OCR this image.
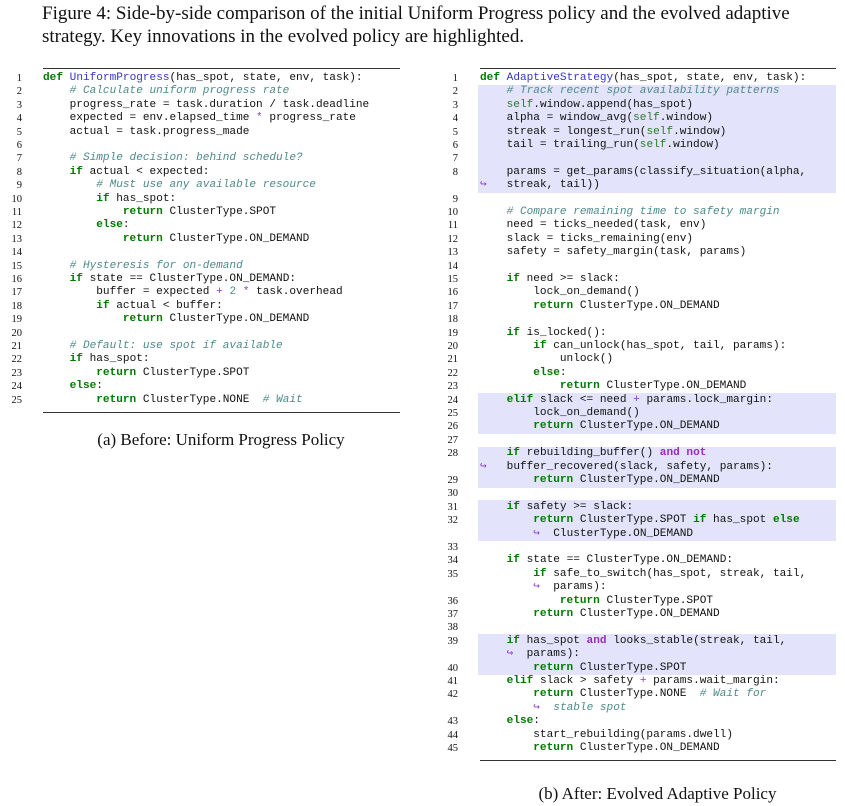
Figure 4: Side-by-side comparison of the initial Uniform Progress policy and the evolved adaptive strategy. Key innovations in the evolved policy are highlighted.
1 def UniformProgress(has_spot, state, env, task):
2	# Calculate uniform progress rate
3 progress_rate = task.duration / task.deadline
4 expected = env.elapsed_time * progress_rate
5 actual = task.progress_made
6
7	# Simple decision: behind schedule?
8	if actual < expected:
9	# Must use any available resource
10	if has_spot:
11	return ClusterType.SPOT
12	else:
13	return ClusterType.ON_DEMAND
14
15	# Hysteresis for on-demand
16	if state == ClusterType.ON_DEMAND:
17 buffer = expected + 2 * task.overhead
18	if actual < buffer:
19	return ClusterType.ON_DEMAND
20
21	# Default: use spot if available
22	if has_spot:
23	return ClusterType.SPOT
24	else:
25	return ClusterType.NONE  # Wait
(a) Before: Uniform Progress Policy
1 def AdaptiveStrategy(has_spot, state, env, task):
2	# Track recent spot availability patterns
3	self.window.append(has_spot)
4 alpha = window_avg(self.window)
5 streak = longest_run(self.window)
6 tail = trailing_run(self.window)
7
8 params = get_params(classify_situation(alpha,
↪   streak, tail))
9
10	# Compare remaining time to safety margin
11 need = ticks_needed(task, env)
12 slack = ticks_remaining(env)
13 safety = safety_margin(task, params)
14
15	if need >= slack:
16 lock_on_demand()
17	return ClusterType.ON_DEMAND
18
19	if is_locked():
20	if can_unlock(has_spot, tail, params):
21 unlock()
22	else:
23	return ClusterType.ON_DEMAND
24	elif slack <= need + params.lock_margin:
25 lock_on_demand()
26	return ClusterType.ON_DEMAND
27
28	if rebuilding_buffer() and not
↪   buffer_recovered(slack, safety, params):
29	return ClusterType.ON_DEMAND
30
31	if safety >= slack:
32	return ClusterType.SPOT if has_spot else
↪  ClusterType.ON_DEMAND
33
34	if state == ClusterType.ON_DEMAND:
35	if safe_to_switch(has_spot, streak, tail,
↪  params):
36	return ClusterType.SPOT
37	return ClusterType.ON_DEMAND
38
39	if has_spot and looks_stable(streak, tail,
↪  params):
40	return ClusterType.SPOT
41	elif slack > safety + params.wait_margin:
42	return ClusterType.NONE  # Wait for
↪ stable spot
43	else:
44 start_rebuilding(params.dwell)
45	return ClusterType.ON_DEMAND
(b) After: Evolved Adaptive Policy
